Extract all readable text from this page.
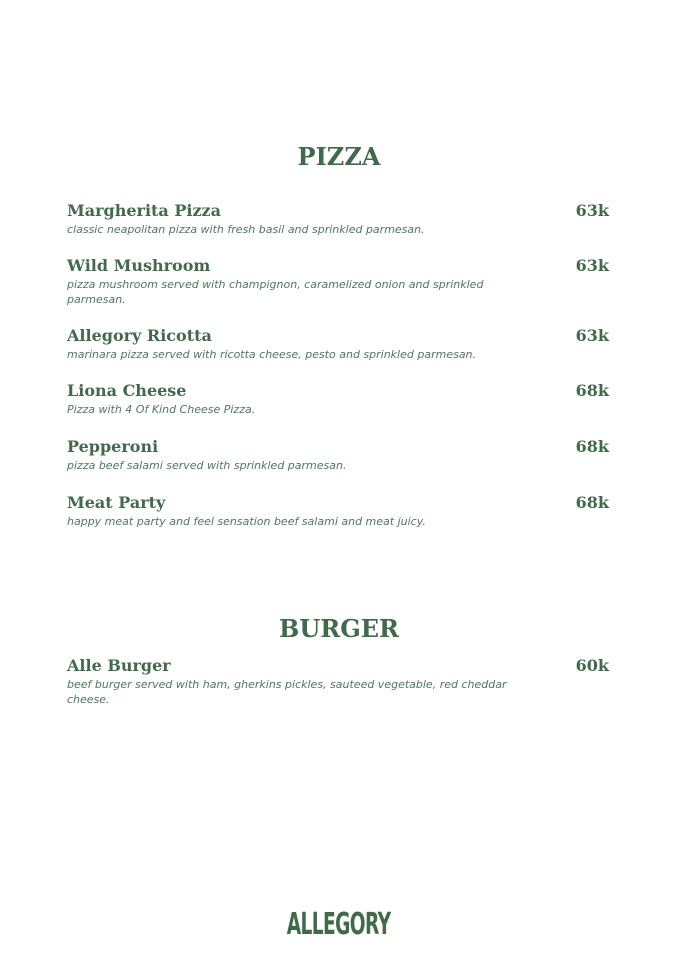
PIZZA
Margherita Pizza
classic neapolitan pizza with fresh basil and sprinkled parmesan.
63k
Wild Mushroom
pizza mushroom served with champignon, caramelized onion and sprinkled parmesan.
63k
Allegory Ricotta
marinara pizza served with ricotta cheese, pesto and sprinkled parmesan.
63k
Liona Cheese
Pizza with 4 Of Kind Cheese Pizza.
68k
Pepperoni
pizza beef salami served with sprinkled parmesan.
68k
Meat Party
happy meat party and feel sensation beef salami and meat juicy.
68k
BURGER
Alle Burger
beef burger served with ham, gherkins pickles, sauteed vegetable, red cheddar cheese.
60k
ALLEGORY
